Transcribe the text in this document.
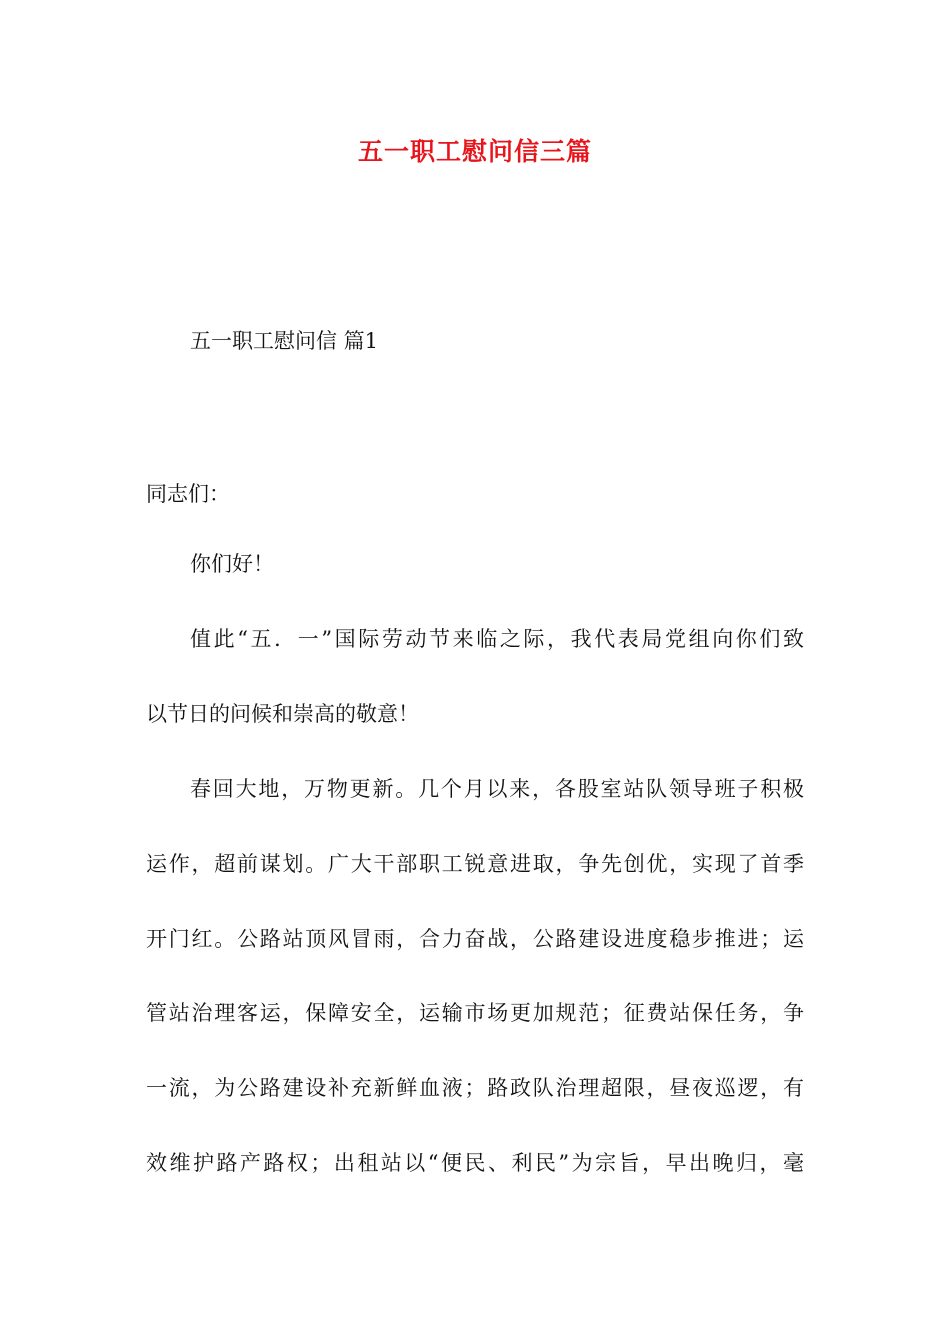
五一职工慰问信三篇
五一职工慰问信 篇1
同志们：
你们好！
值此“五．一”国际劳动节来临之际，我代表局党组向你们致
以节日的问候和崇高的敬意！
春回大地，万物更新。几个月以来，各股室站队领导班子积极
运作，超前谋划。广大干部职工锐意进取，争先创优，实现了首季
开门红。公路站顶风冒雨，合力奋战，公路建设进度稳步推进；运
管站治理客运，保障安全，运输市场更加规范；征费站保任务，争
一流，为公路建设补充新鲜血液；路政队治理超限，昼夜巡逻，有
效维护路产路权；出租站以“便民、利民”为宗旨，早出晚归，毫
